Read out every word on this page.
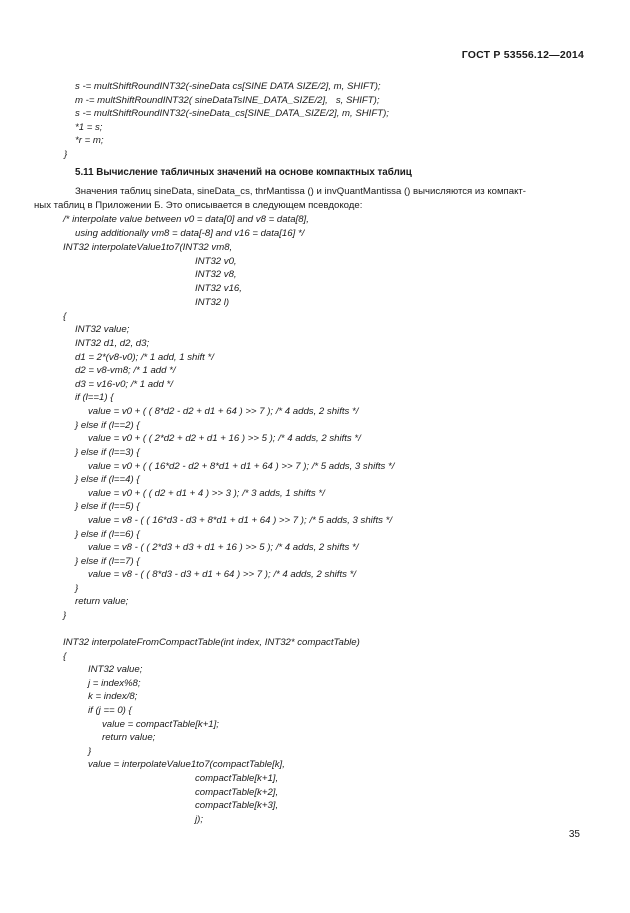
ГОСТ Р 53556.12—2014
s -= multShiftRoundINT32(-sineData cs[SINE DATA SIZE/2], m, SHIFT);
m -= multShiftRoundINT32( sineDataTsINE_DATA_SIZE/2],   s, SHIFT);
s -= multShiftRoundINT32(-sineData_cs[SINE_DATA_SIZE/2], m, SHIFT);
*1 = s;
*r = m;
}
5.11 Вычисление табличных значений на основе компактных таблиц
Значения таблиц sineData, sineData_cs, thrMantissa () и invQuantMantissa () вычисляются из компакт-
ных таблиц в Приложении Б. Это описывается в следующем псевдокоде:
/* interpolate value between v0 = data[0] and v8 = data[8],
using additionally vm8 = data[-8] and v16 = data[16] */
INT32 interpolateValue1to7(INT32 vm8,
INT32 v0,
INT32 v8,
INT32 v16,
INT32 l)
{
INT32 value;
INT32 d1, d2, d3;
d1 = 2*(v8-v0); /* 1 add, 1 shift */
d2 = v8-vm8; /* 1 add */
d3 = v16-v0; /* 1 add */
if (l==1) {
value = v0 + ( ( 8*d2 - d2 + d1 + 64 ) >> 7 ); /* 4 adds, 2 shifts */
} else if (l==2) {
value = v0 + ( ( 2*d2 + d2 + d1 + 16 ) >> 5 ); /* 4 adds, 2 shifts */
} else if (l==3) {
value = v0 + ( ( 16*d2 - d2 + 8*d1 + d1 + 64 ) >> 7 ); /* 5 adds, 3 shifts */
} else if (l==4) {
value = v0 + ( ( d2 + d1 + 4 ) >> 3 ); /* 3 adds, 1 shifts */
} else if (l==5) {
value = v8 - ( ( 16*d3 - d3 + 8*d1 + d1 + 64 ) >> 7 ); /* 5 adds, 3 shifts */
} else if (l==6) {
value = v8 - ( ( 2*d3 + d3 + d1 + 16 ) >> 5 ); /* 4 adds, 2 shifts */
} else if (l==7) {
value = v8 - ( ( 8*d3 - d3 + d1 + 64 ) >> 7 ); /* 4 adds, 2 shifts */
}
return value;
}
INT32 interpolateFromCompactTable(int index, INT32* compactTable)
{
INT32 value;
j = index%8;
k = index/8;
if (j == 0) {
value = compactTable[k+1];
return value;
}
value = interpolateValue1to7(compactTable[k],
compactTable[k+1],
compactTable[k+2],
compactTable[k+3],
j);
35
